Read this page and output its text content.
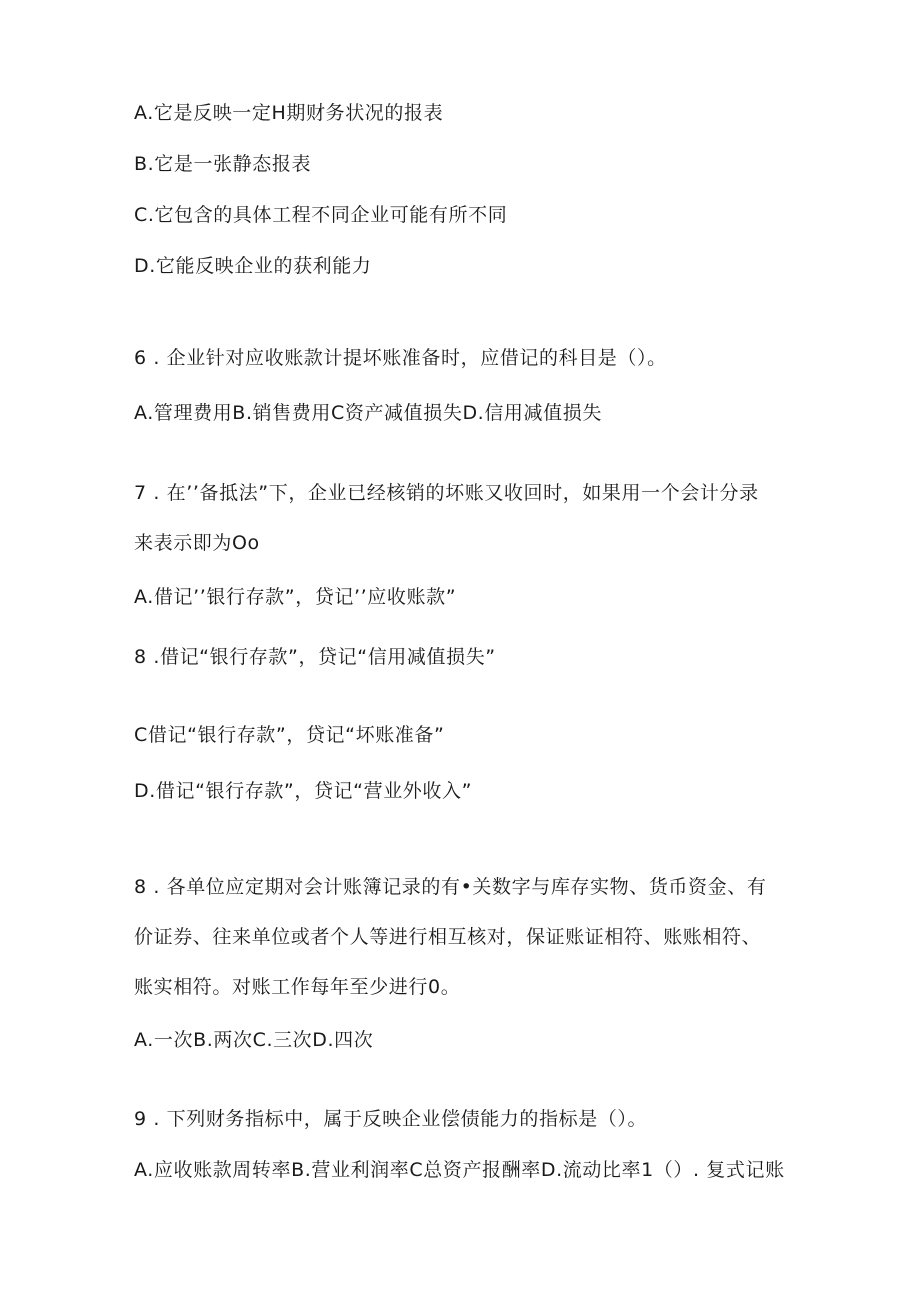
A.它是反映一定H期财务状况的报表
B.它是一张静态报表
C.它包含的具体工程不同企业可能有所不同
D.它能反映企业的获利能力
6 . 企业针对应收账款计提坏账准备时，应借记的科目是（）。
A.管理费用B.销售费用C资产减值损失D.信用减值损失
7 . 在’’备抵法”下，企业已经核销的坏账又收回时，如果用一个会计分录
来表示即为Oo
A.借记’’银行存款”，贷记’’应收账款”
8 .借记“银行存款”，贷记“信用减值损失”
C借记“银行存款”，贷记“坏账准备”
D.借记“银行存款”，贷记“营业外收入”
8 . 各单位应定期对会计账簿记录的有•关数字与库存实物、货币资金、有
价证券、往来单位或者个人等进行相互核对，保证账证相符、账账相符、
账实相符。对账工作每年至少进行0。
A.一次B.两次C.三次D.四次
9 . 下列财务指标中，属于反映企业偿债能力的指标是（）。
A.应收账款周转率B.营业利润率C总资产报酬率D.流动比率1（）. 复式记账
